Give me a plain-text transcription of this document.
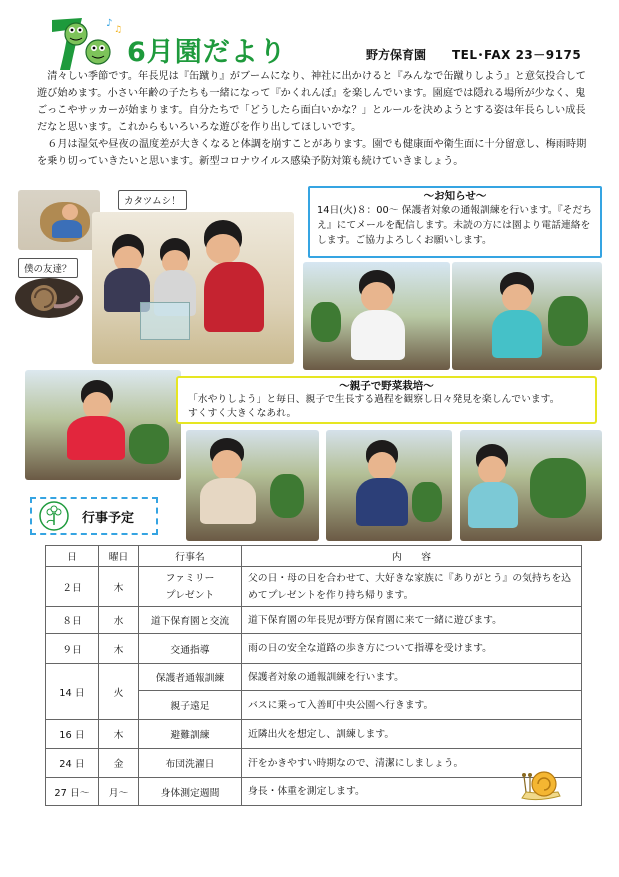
♪
♫
6月園だより	野方保育園 TEL･FAX 23－9175

清々しい季節です。年長児は『缶蹴り』がブームになり、神社に出かけると『みんなで缶蹴りしよう』と意気投合して遊び始めます。小さい年齢の子たちも一緒になって『かくれんぼ』を楽しんでいます。園庭では隠れる場所が少なく、鬼ごっこやサッカーが始まります。自分たちで「どうしたら面白いかな？」とルールを決めようとする姿は年長らしい成長だなと思います。これからもいろいろな遊びを作り出してほしいです。

６月は湿気や昼夜の温度差が大きくなると体調を崩すことがあります。園でも健康面や衛生面に十分留意し、梅雨時期を乗り切っていきたいと思います。新型コロナウイルス感染予防対策も続けていきましょう。

カタツムシ！
僕の友達？
～お知らせ～

14日(火)８：00～ 保護者対象の通報訓練を行います。『そだちえ』にてメールを配信します。未読の方には園より電話連絡をします。ご協力よろしくお願いします。

～親子で野菜栽培～

「水やりしよう」と毎日、親子で生長する過程を観察し日々発見を楽しんでいます。

すくすく大きくなあれ。

行事予定
日	曜日	行事名	内　　容
２日	木	ファミリー
プレゼント	父の日・母の日を合わせて、大好きな家族に『ありがとう』の気持ちを込めてプレゼントを作り持ち帰ります。
８日	水	道下保育園と交流	道下保育園の年長児が野方保育園に来て一緒に遊びます。
９日	木	交通指導	雨の日の安全な道路の歩き方について指導を受けます。
14 日	火	保護者通報訓練	保護者対象の通報訓練を行います。
		親子遠足	バスに乗って入善町中央公園へ行きます。
16 日	木	避難訓練	近隣出火を想定し、訓練します。
24 日	金	布団洗濯日	汗をかきやすい時期なので、清潔にしましょう。
27 日～	月～	身体測定週間	身長・体重を測定します。
